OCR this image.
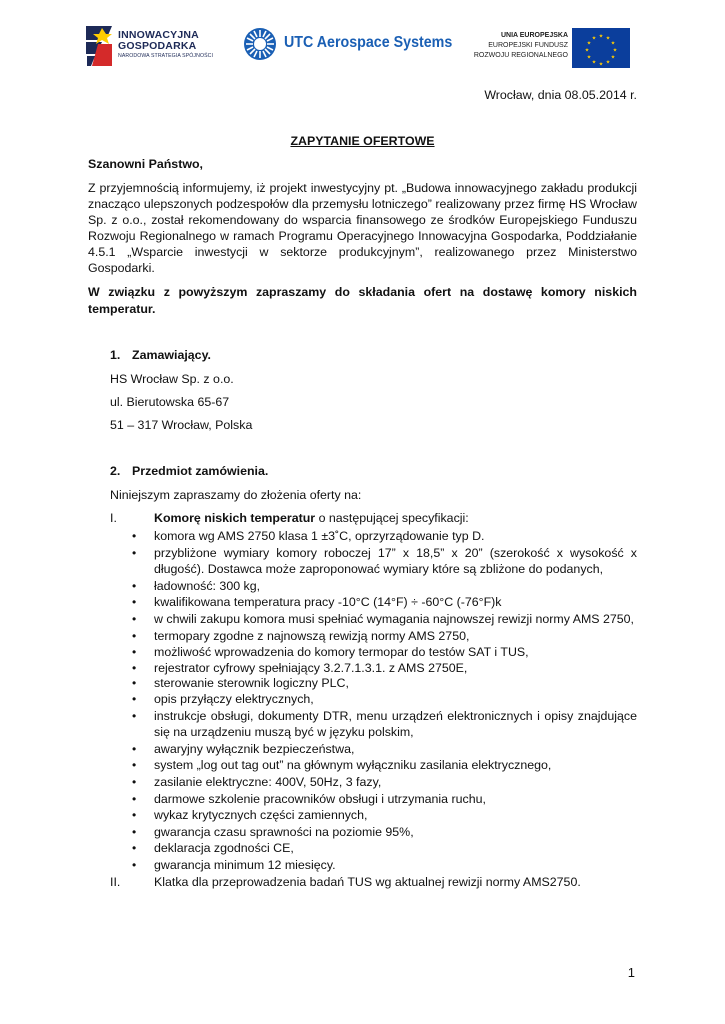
INNOWACYJNA
GOSPODARKA
NARODOWA STRATEGIA SPÓJNOŚCI
UTC Aerospace Systems	UNIA EUROPEJSKA
EUROPEJSKI FUNDUSZ
ROZWOJU REGIONALNEGO
★ ★
★
★
★
★
★
★
★
★
★
★
Wrocław, dnia 08.05.2014 r.
ZAPYTANIE OFERTOWE
Szanowni Państwo,
Z przyjemnością informujemy, iż projekt inwestycyjny pt. „Budowa innowacyjnego zakładu produkcji znacząco ulepszonych podzespołów dla przemysłu lotniczego” realizowany przez firmę HS Wrocław Sp. z o.o., został rekomendowany do wsparcia finansowego ze środków Europejskiego Funduszu Rozwoju Regionalnego w ramach Programu Operacyjnego Innowacyjna Gospodarka, Poddziałanie 4.5.1 „Wsparcie inwestycji w sektorze produkcyjnym”, realizowanego przez Ministerstwo Gospodarki.
W związku z powyższym zapraszamy do składania ofert na dostawę komory niskich temperatur.
1. Zamawiający.
HS Wrocław Sp. z o.o.
ul. Bierutowska 65-67
51 – 317 Wrocław, Polska
2. Przedmiot zamówienia.
Niniejszym zapraszamy do złożenia oferty na:
I.	Komorę niskich temperatur o następującej specyfikacji:
• komora wg AMS 2750 klasa 1 ±3˚C, oprzyrządowanie typ D.
• przybliżone wymiary komory roboczej 17” x 18,5” x 20” (szerokość x wysokość x długość). Dostawca może zaproponować wymiary które są zbliżone do podanych,
• ładowność: 300 kg,
• kwalifikowana temperatura pracy -10°C (14°F) ÷ -60°C (-76°F)k
• w chwili zakupu komora musi spełniać wymagania najnowszej rewizji normy AMS 2750,
• termopary zgodne z najnowszą rewizją normy AMS 2750,
• możliwość wprowadzenia do komory termopar do testów SAT i TUS,
• rejestrator cyfrowy spełniający 3.2.7.1.3.1. z AMS 2750E,
• sterowanie sterownik logiczny PLC,
• opis przyłączy elektrycznych,
• instrukcje obsługi, dokumenty DTR, menu urządzeń elektronicznych i opisy znajdujące się na urządzeniu muszą być w języku polskim,
• awaryjny wyłącznik bezpieczeństwa,
• system „log out tag out” na głównym wyłączniku zasilania elektrycznego,
• zasilanie elektryczne: 400V, 50Hz, 3 fazy,
• darmowe szkolenie pracowników obsługi i utrzymania ruchu,
• wykaz krytycznych części zamiennych,
• gwarancja czasu sprawności na poziomie 95%,
• deklaracja zgodności CE,
• gwarancja minimum 12 miesięcy.
II.	Klatka dla przeprowadzenia badań TUS wg aktualnej rewizji normy AMS2750.
1
